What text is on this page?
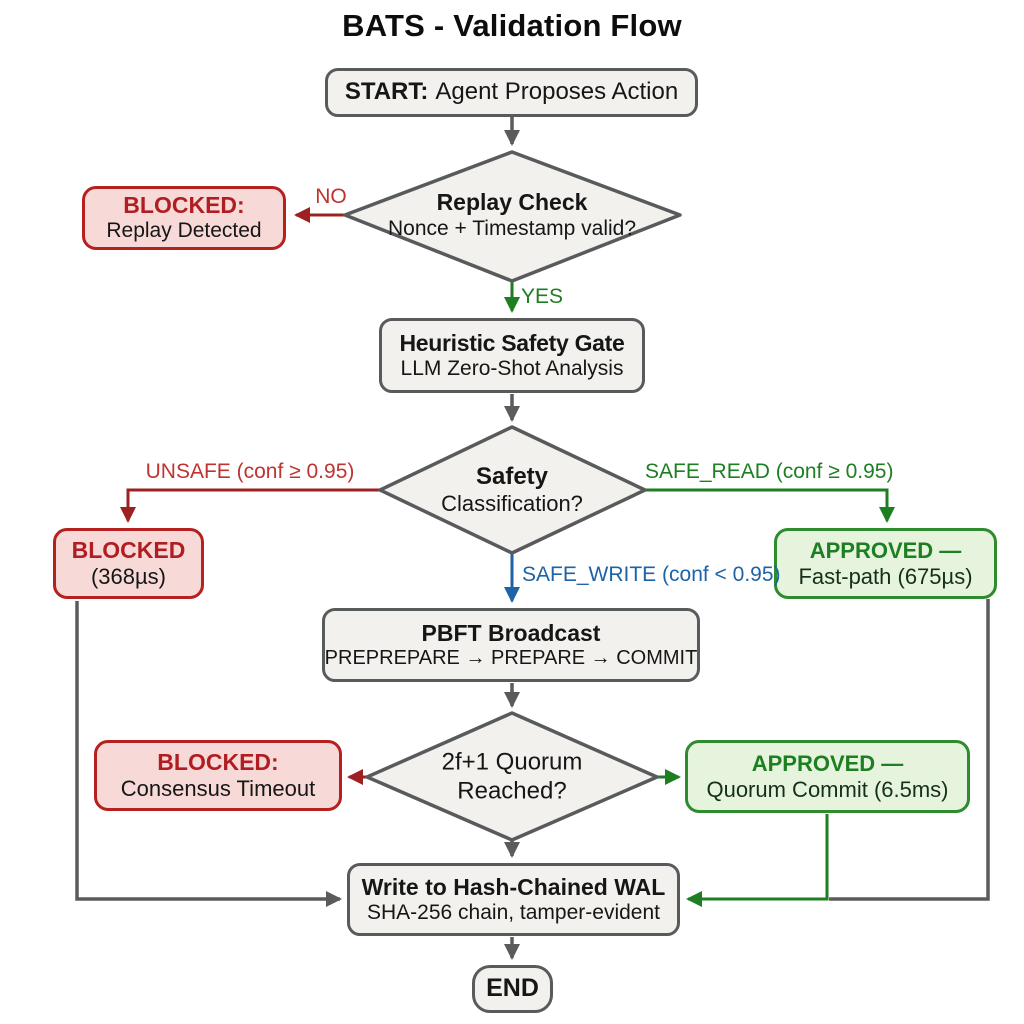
BATS - Validation Flow
START: Agent Proposes Action
Replay Check
Nonce + Timestamp valid?
BLOCKED:
Replay Detected
Heuristic Safety Gate
LLM Zero-Shot Analysis
Safety
Classification?
BLOCKED
(368µs)
APPROVED —
Fast-path (675µs)
PBFT Broadcast
PREPREPARE → PREPARE → COMMIT
2f+1 Quorum
Reached?
BLOCKED:
Consensus Timeout
APPROVED —
Quorum Commit (6.5ms)
Write to Hash-Chained WAL
SHA-256 chain, tamper-evident
END
NO
YES
UNSAFE (conf ≥ 0.95)	SAFE_READ (conf ≥ 0.95)
SAFE_WRITE (conf < 0.95)
